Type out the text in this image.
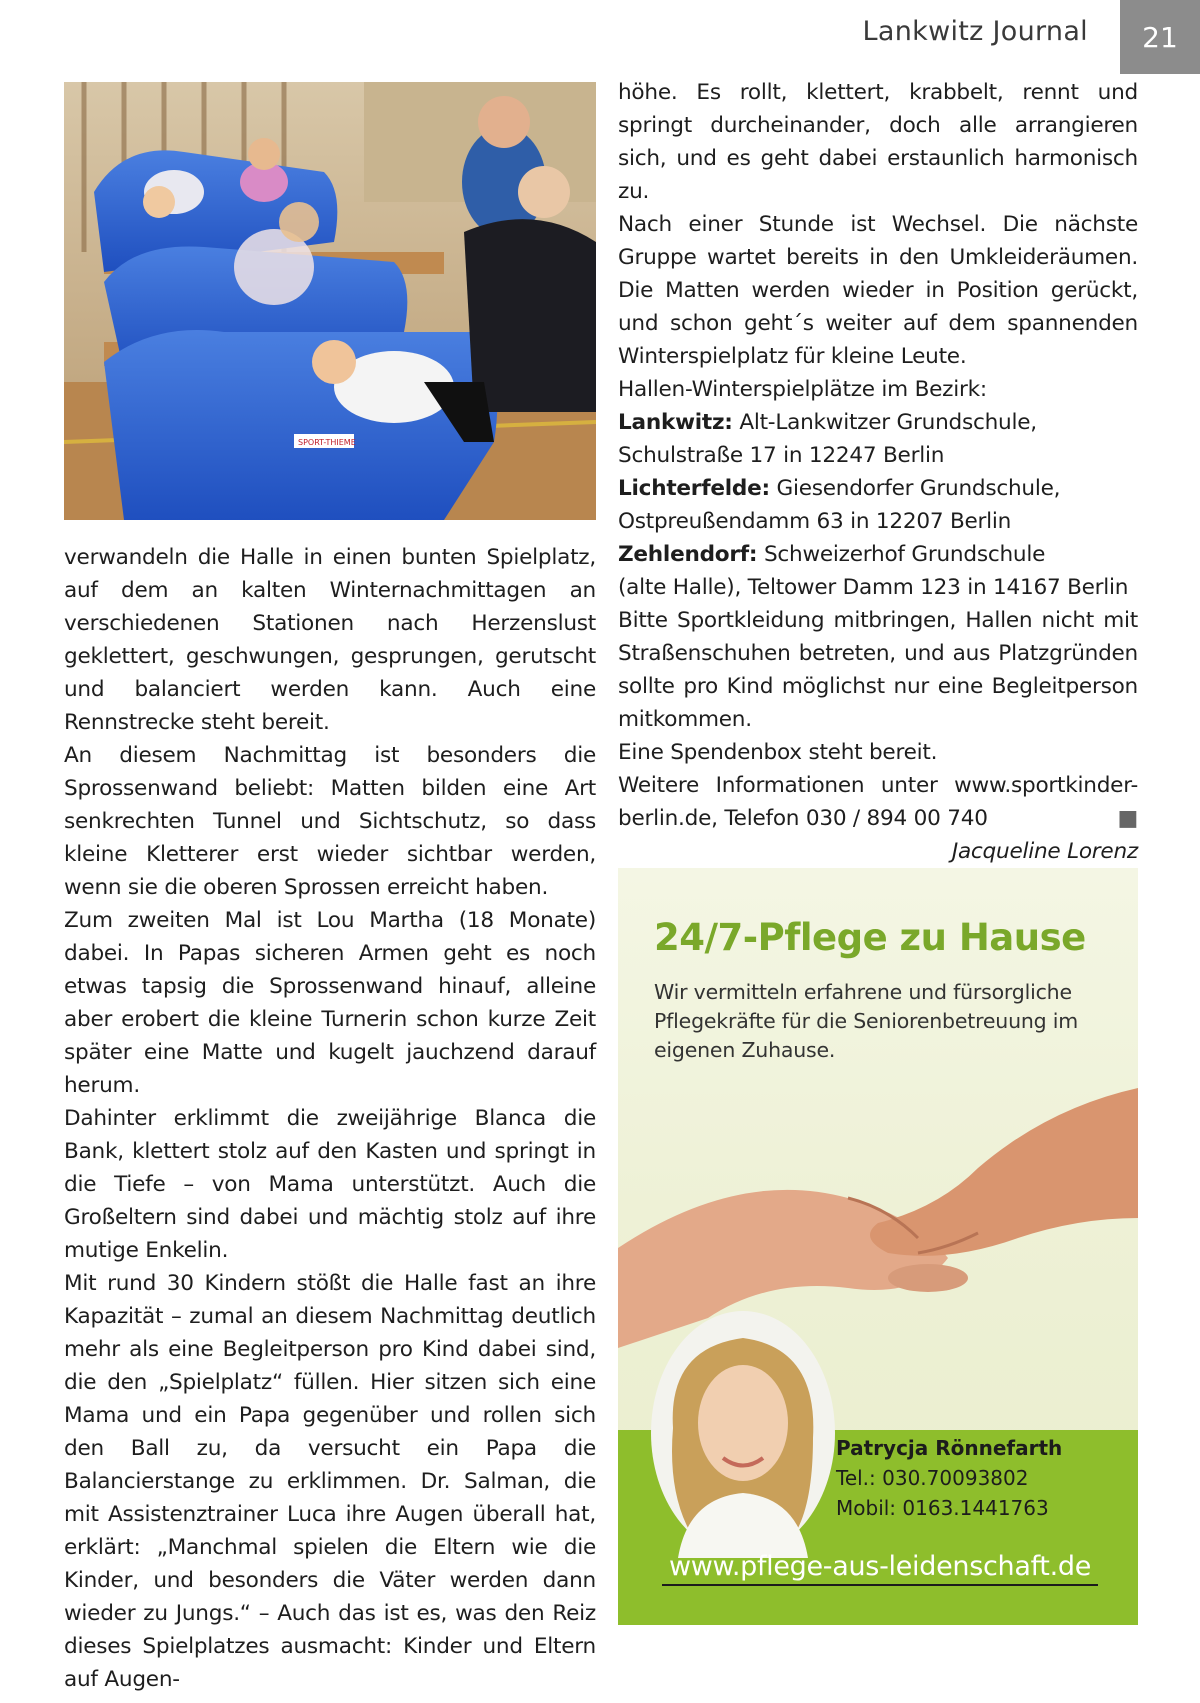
Lankwitz Journal	21
SPORT-THIEME

verwandeln die Halle in einen bunten Spielplatz, auf dem an kalten Winternachmittagen an verschiedenen Stationen nach Herzenslust geklettert, geschwungen, gesprungen, gerutscht und balanciert werden kann. Auch eine Rennstrecke steht bereit.

An diesem Nachmittag ist besonders die Sprossenwand beliebt: Matten bilden eine Art senkrechten Tunnel und Sichtschutz, so dass kleine Kletterer erst wieder sichtbar werden, wenn sie die oberen Sprossen erreicht haben.

Zum zweiten Mal ist Lou Martha (18 Monate) dabei. In Papas sicheren Armen geht es noch etwas tapsig die Sprossenwand hinauf, alleine aber erobert die kleine Turnerin schon kurze Zeit später eine Matte und kugelt jauchzend darauf herum.

Dahinter erklimmt die zweijährige Blanca die Bank, klettert stolz auf den Kasten und springt in die Tiefe – von Mama unterstützt. Auch die Großeltern sind dabei und mächtig stolz auf ihre mutige Enkelin.

Mit rund 30 Kindern stößt die Halle fast an ihre Kapazität – zumal an diesem Nachmittag deutlich mehr als eine Begleitperson pro Kind dabei sind, die den „Spielplatz“ füllen. Hier sitzen sich eine Mama und ein Papa gegenüber und rollen sich den Ball zu, da versucht ein Papa die Balancierstange zu erklimmen. Dr. Salman, die mit Assistenztrainer Luca ihre Augen überall hat, erklärt: „Manchmal spielen die Eltern wie die Kinder, und besonders die Väter werden dann wieder zu Jungs.“ – Auch das ist es, was den Reiz dieses Spielplatzes ausmacht: Kinder und Eltern auf Augen-

höhe. Es rollt, klettert, krabbelt, rennt und springt durcheinander, doch alle arrangieren sich, und es geht dabei erstaunlich harmonisch zu.

Nach einer Stunde ist Wechsel. Die nächste Gruppe wartet bereits in den Umkleideräumen. Die Matten werden wieder in Position gerückt, und schon geht´s weiter auf dem spannenden Winterspielplatz für kleine Leute.

Hallen-Winterspielplätze im Bezirk:

Lankwitz: Alt-Lankwitzer Grundschule,
Schulstraße 17 in 12247 Berlin

Lichterfelde: Giesendorfer Grundschule,
Ostpreußendamm 63 in 12207 Berlin

Zehlendorf: Schweizerhof Grundschule
(alte Halle), Teltower Damm 123 in 14167 Berlin

Bitte Sportkleidung mitbringen, Hallen nicht mit Straßenschuhen betreten, und aus Platzgründen sollte pro Kind möglichst nur eine Begleitperson mitkommen.

Eine Spendenbox steht bereit.

Weitere Informationen unter www.sportkinder-berlin.de, Telefon 030 / 894 00 740	■

Jacqueline Lorenz

24/7-Pflege zu Hause
Wir vermitteln erfahrene und fürsorgliche Pflegekräfte für die Seniorenbetreuung im eigenen Zuhause.
Patrycja Rönnefarth
Tel.: 030.70093802
Mobil: 0163.1441763
www.pflege-aus-leidenschaft.de
